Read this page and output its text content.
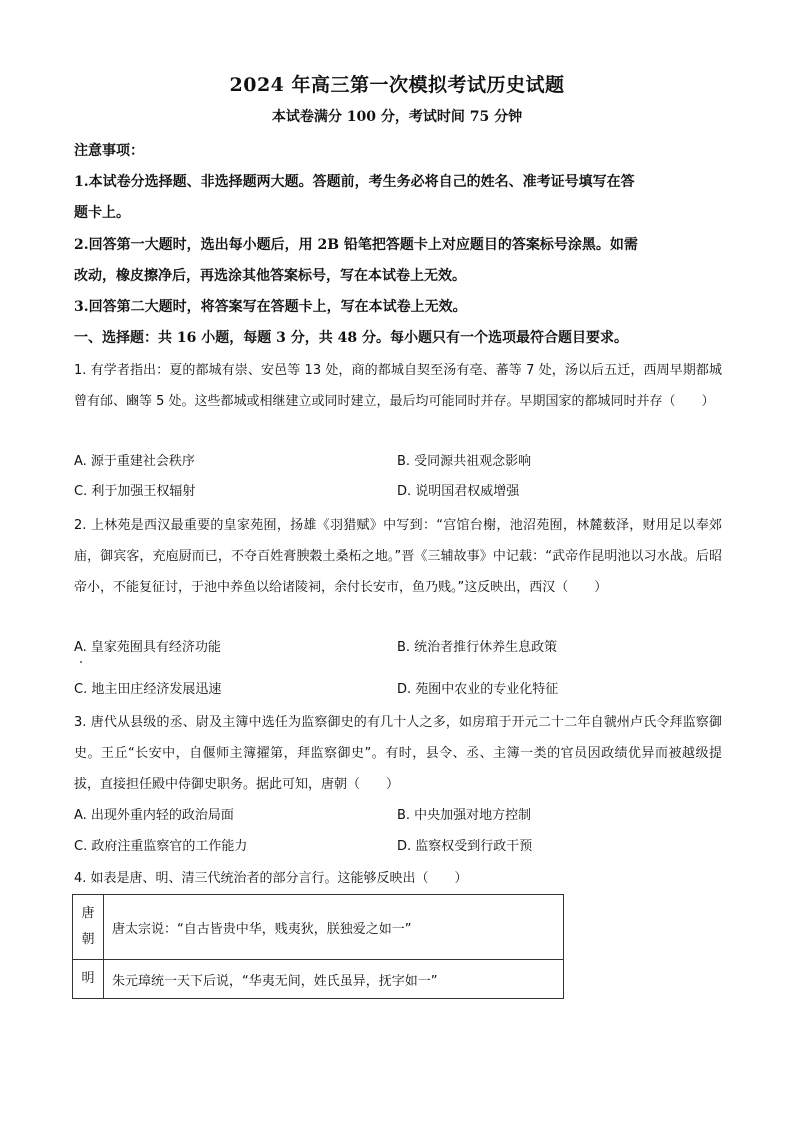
2024 年高三第一次模拟考试历史试题
本试卷满分 100 分，考试时间 75 分钟
注意事项：
1.本试卷分选择题、非选择题两大题。答题前，考生务必将自己的姓名、准考证号填写在答
题卡上。
2.回答第一大题时，选出每小题后，用 2B 铅笔把答题卡上对应题目的答案标号涂黑。如需
改动，橡皮擦净后，再选涂其他答案标号，写在本试卷上无效。
3.回答第二大题时，将答案写在答题卡上，写在本试卷上无效。
一、选择题：共 16 小题，每题 3 分，共 48 分。每小题只有一个选项最符合题目要求。
1. 有学者指出：夏的都城有崇、安邑等 13 处，商的都城自契至汤有亳、蕃等 7 处，汤以后五迁，西周早期都城曾有邰、豳等 5 处。这些都城或相继建立或同时建立，最后均可能同时并存。早期国家的都城同时并存（　　）
A. 源于重建社会秩序	B. 受同源共祖观念影响
C. 利于加强王权辐射	D. 说明国君权威增强
2. 上林苑是西汉最重要的皇家苑囿，扬雄《羽猎赋》中写到：“宫馆台榭，池沼苑囿，林麓薮泽，财用足以奉郊庙，御宾客，充庖厨而已，不夺百姓膏腴穀土桑柘之地。”晋《三辅故事》中记载：“武帝作昆明池以习水战。后昭帝小，不能复征讨，于池中养鱼以给诸陵祠，余付长安市，鱼乃贱。”这反映出，西汉（　　）
A. 皇家苑囿具有经济功能	B. 统治者推行休养生息政策
C. 地主田庄经济发展迅速	D. 苑囿中农业的专业化特征
3. 唐代从县级的丞、尉及主簿中选任为监察御史的有几十人之多，如房琯于开元二十二年自虢州卢氏令拜监察御史。王丘“长安中，自偃师主簿擢第，拜监察御史”。有时，县令、丞、主簿一类的官员因政绩优异而被越级提拔，直接担任殿中侍御史职务。据此可知，唐朝（　　）
A. 出现外重内轻的政治局面	B. 中央加强对地方控制
C. 政府注重监察官的工作能力	D. 监察权受到行政干预
4. 如表是唐、明、清三代统治者的部分言行。这能够反映出（　　）
唐
朝	唐太宗说：“自古皆贵中华，贱夷狄，朕独爱之如一”

明	朱元璋统一天下后说，“华夷无间，姓氏虽异，抚字如一”
